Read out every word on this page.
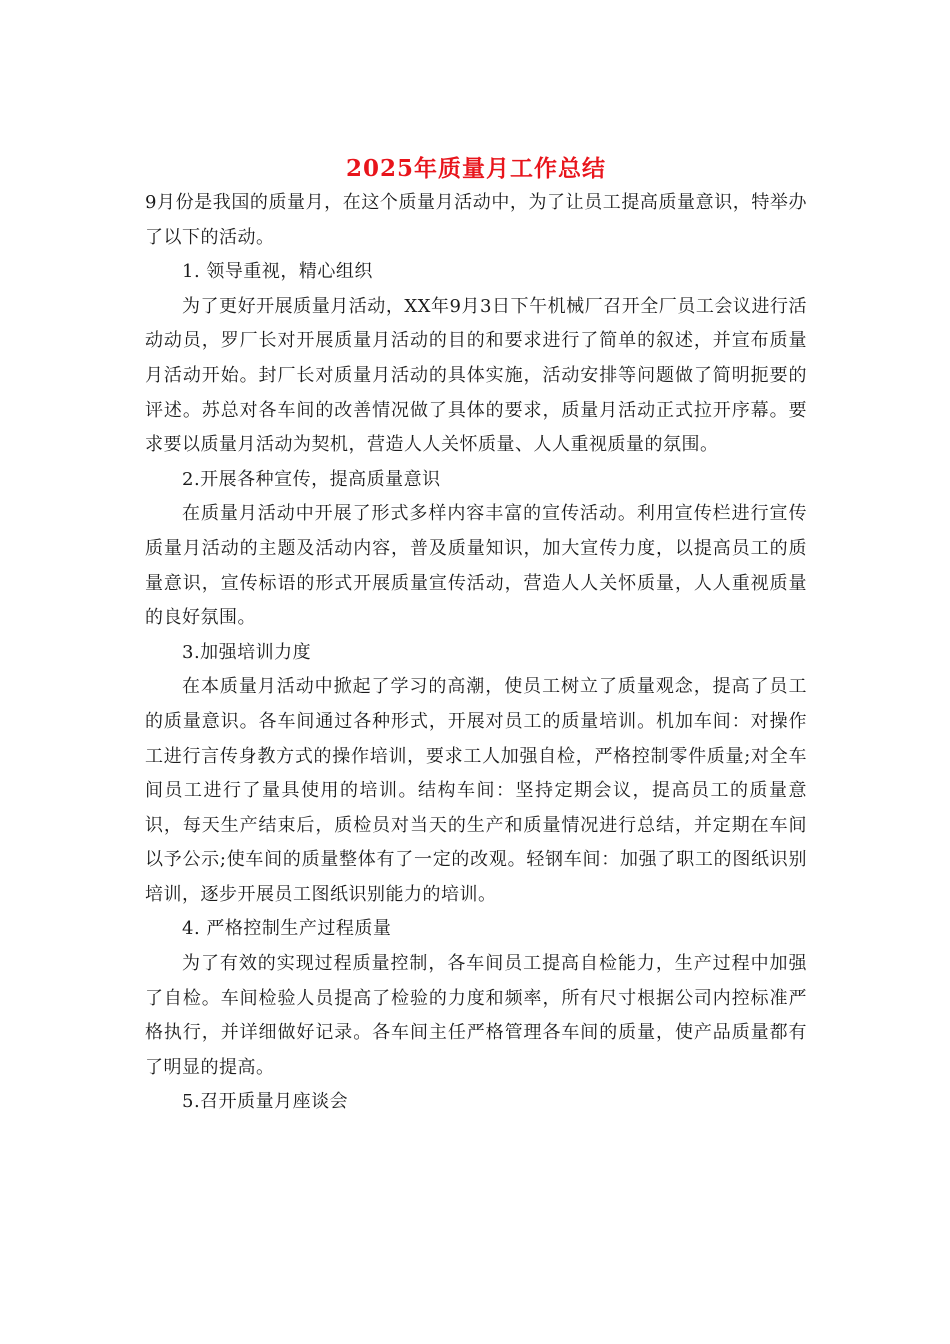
2025年质量月工作总结

9月份是我国的质量月，在这个质量月活动中，为了让员工提高质量意识，特举办了以下的活动。

1. 领导重视，精心组织

为了更好开展质量月活动，XX年9月3日下午机械厂召开全厂员工会议进行活动动员，罗厂长对开展质量月活动的目的和要求进行了简单的叙述，并宣布质量月活动开始。封厂长对质量月活动的具体实施，活动安排等问题做了简明扼要的评述。苏总对各车间的改善情况做了具体的要求，质量月活动正式拉开序幕。要求要以质量月活动为契机，营造人人关怀质量、人人重视质量的氛围。

2.开展各种宣传，提高质量意识

在质量月活动中开展了形式多样内容丰富的宣传活动。利用宣传栏进行宣传质量月活动的主题及活动内容，普及质量知识，加大宣传力度，以提高员工的质量意识，宣传标语的形式开展质量宣传活动，营造人人关怀质量，人人重视质量的良好氛围。

3.加强培训力度

在本质量月活动中掀起了学习的高潮，使员工树立了质量观念，提高了员工的质量意识。各车间通过各种形式，开展对员工的质量培训。机加车间：对操作工进行言传身教方式的操作培训，要求工人加强自检，严格控制零件质量;对全车间员工进行了量具使用的培训。结构车间：坚持定期会议，提高员工的质量意识，每天生产结束后，质检员对当天的生产和质量情况进行总结，并定期在车间以予公示;使车间的质量整体有了一定的改观。轻钢车间：加强了职工的图纸识别培训，逐步开展员工图纸识别能力的培训。

4. 严格控制生产过程质量

为了有效的实现过程质量控制，各车间员工提高自检能力，生产过程中加强了自检。车间检验人员提高了检验的力度和频率，所有尺寸根据公司内控标准严格执行，并详细做好记录。各车间主任严格管理各车间的质量，使产品质量都有了明显的提高。

5.召开质量月座谈会
